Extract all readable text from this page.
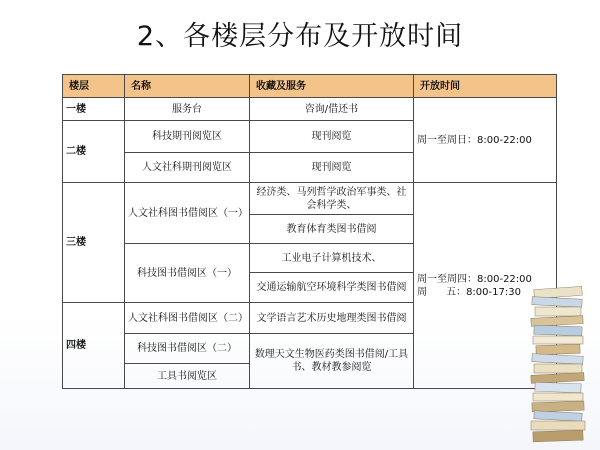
2、各楼层分布及开放时间
楼层	名称	收藏及服务	开放时间
一楼	服务台	咨询/借还书	周一至周日：8:00-22:00
二楼	科技期刊阅览区	现刊阅览	
	人文社科期刊阅览区	现刊阅览	
三楼	人文社科图书借阅区（一）	经济类、马列哲学政治军事类、社会科学类、	周一至周四：8:00-22:00
周      五：8:00-17:30
		教育体育类图书借阅	
	科技图书借阅区（一）	工业电子计算机技术、	
		交通运输航空环境科学类图书借阅	
四楼	人文社科图书借阅区（二）	文学语言艺术历史地理类图书借阅	
	科技图书借阅区（二）	数理天文生物医药类图书借阅/工具书、教材教参阅览	
	工具书阅览区		
